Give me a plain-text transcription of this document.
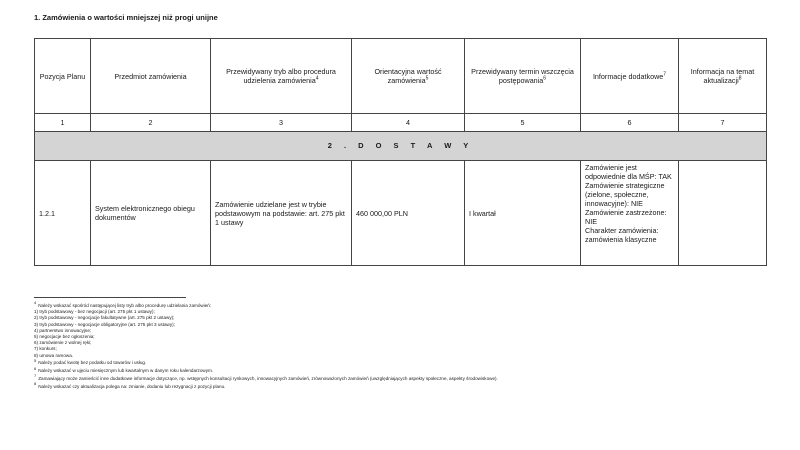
1. Zamówienia o wartości mniejszej niż progi unijne
Pozycja Planu	Przedmiot zamówienia	Przewidywany tryb albo procedura udzielenia zamówienia$^4$	Orientacyjna wartość zamówienia$^5$	Przewidywany termin wszczęcia postępowania$^6$	Informacje dodatkowe$^7$	Informacja na temat aktualizacji$^8$
1	2	3	4	5	6	7
2 . D O S T A W Y						
1.2.1	System elektronicznego obiegu dokumentów	Zamówienie udzielane jest w trybie podstawowym na podstawie: art. 275 pkt 1 ustawy	460 000,00 PLN	I kwartał	Zamówienie jest odpowiednie dla MŚP: TAK
Zamówienie strategiczne (zielone, społeczne, innowacyjne): NIE
Zamówienie zastrzeżone: NIE
Charakter zamówienia: zamówienia klasyczne	
4Należy wskazać spośród następującej listy tryb albo procedurę udzielania zamówień:
1) tryb podstawowy - bez negocjacji (art. 275 pkt 1 ustawy);
2) tryb podstawowy - negocjacje fakultatywne (art. 275 pkt 2 ustawy);
3) tryb podstawowy - negocjacje obligatoryjne (art. 275 pkt 3 ustawy);
4) partnerstwo innowacyjne;
5) negocjacje bez ogłoszenia;
6) zamówienie z wolnej ręki;
7) konkurs;
8) umowa ramowa.
5Należy podać kwotę bez podatku od towarów i usług.
6Należy wskazać w ujęciu miesięcznym lub kwartalnym w danym roku kalendarzowym.
7Zamawiający może zamieścić inne dodatkowe informacje dotyczące, np. wstępnych konsultacji rynkowych, innowacyjnych zamówień, zrównoważonych zamówień (uwzględniających aspekty społeczne, aspekty środowiskowe).
8Należy wskazać czy aktualizacja polega na: zmianie, dodaniu lub rezygnacji z pozycji planu.
